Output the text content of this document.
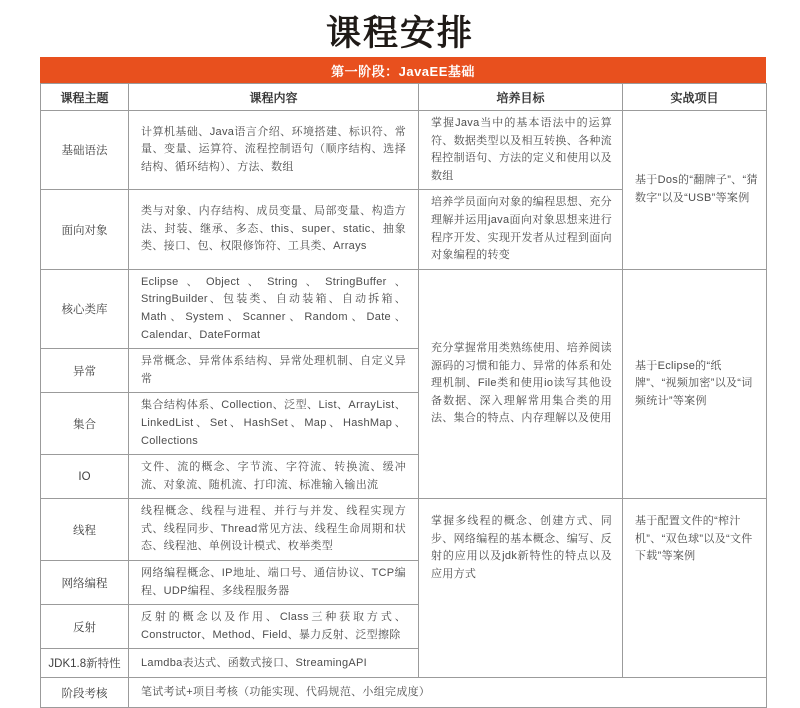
课程安排
第一阶段：JavaEE基础
课程主题	课程内容	培养目标	实战项目
基础语法	计算机基础、Java语言介绍、环境搭建、标识符、常量、变量、运算符、流程控制语句（顺序结构、选择结构、循环结构）、方法、数组	掌握Java当中的基本语法中的运算符、数据类型以及相互转换、各种流程控制语句、方法的定义和使用以及数组	基于Dos的“翻牌子”、“猜数字”以及“USB”等案例
面向对象	类与对象、内存结构、成员变量、局部变量、构造方法、封装、继承、多态、this、super、static、抽象类、接口、包、权限修饰符、工具类、Arrays	培养学员面向对象的编程思想、充分理解并运用java面向对象思想来进行程序开发、实现开发者从过程到面向对象编程的转变	
核心类库	Eclipse、Object、String、StringBuffer、StringBuilder、包装类、自动装箱、自动拆箱、Math、System、Scanner、Random、Date、Calendar、DateFormat	充分掌握常用类熟练使用、培养阅读源码的习惯和能力、异常的体系和处理机制、File类和使用io读写其他设备数据、深入理解常用集合类的用法、集合的特点、内存理解以及使用	基于Eclipse的“纸牌”、“视频加密”以及“词频统计”等案例
异常	异常概念、异常体系结构、异常处理机制、自定义异常		
集合	集合结构体系、Collection、泛型、List、ArrayList、LinkedList、Set、HashSet、Map、HashMap、Collections		
IO	文件、流的概念、字节流、字符流、转换流、缓冲流、对象流、随机流、打印流、标准输入输出流		
线程	线程概念、线程与进程、并行与并发、线程实现方式、线程同步、Thread常见方法、线程生命周期和状态、线程池、单例设计模式、枚举类型	掌握多线程的概念、创建方式、同步、网络编程的基本概念、编写、反射的应用以及jdk新特性的特点以及应用方式	基于配置文件的“榨汁机”、“双色球”以及“文件下载”等案例
网络编程	网络编程概念、IP地址、端口号、通信协议、TCP编程、UDP编程、多线程服务器		
反射	反射的概念以及作用、Class三种获取方式、Constructor、Method、Field、暴力反射、泛型擦除		
JDK1.8新特性	Lamdba表达式、函数式接口、StreamingAPI		
阶段考核	笔试考试+项目考核（功能实现、代码规范、小组完成度）		
